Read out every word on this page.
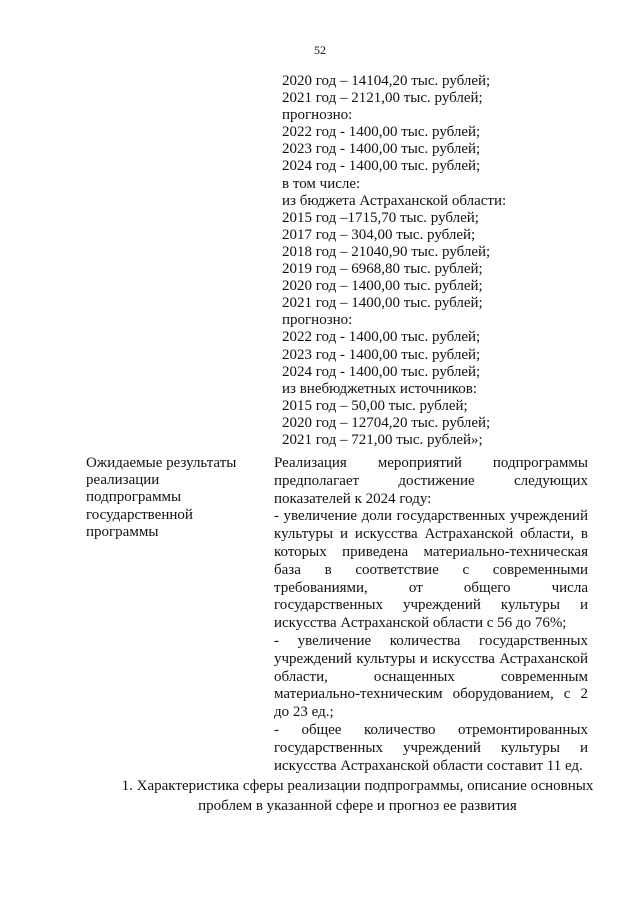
52
2020 год – 14104,20 тыс. рублей;
2021 год – 2121,00 тыс. рублей;
прогнозно:
2022 год - 1400,00 тыс. рублей;
2023 год - 1400,00 тыс. рублей;
2024 год - 1400,00 тыс. рублей;
в том числе:
из бюджета Астраханской области:
2015 год –1715,70 тыс. рублей;
2017 год – 304,00 тыс. рублей;
2018 год – 21040,90 тыс. рублей;
2019 год – 6968,80 тыс. рублей;
2020 год – 1400,00 тыс. рублей;
2021 год – 1400,00 тыс. рублей;
прогнозно:
2022 год - 1400,00 тыс. рублей;
2023 год - 1400,00 тыс. рублей;
2024 год - 1400,00 тыс. рублей;
из внебюджетных источников:
2015 год – 50,00 тыс. рублей;
2020 год – 12704,20 тыс. рублей;
2021 год – 721,00 тыс. рублей»;
Ожидаемые результаты реализации подпрограммы государственной программы

Реализация мероприятий подпрограммы предполагает достижение следующих показателей к 2024 году:

- увеличение доли государственных учреждений культуры и искусства Астраханской области, в которых приведена материально-техническая база в соответствие с современными требованиями, от общего числа государственных учреждений культуры и искусства Астраханской области с 56 до 76%;

- увеличение количества государственных учреждений культуры и искусства Астраханской области, оснащенных современным материально-техническим оборудованием, с 2 до 23 ед.;

- общее количество отремонтированных государственных учреждений культуры и искусства Астраханской области составит 11 ед.

1. Характеристика сферы реализации подпрограммы, описание основных проблем в указанной сфере и прогноз ее развития
